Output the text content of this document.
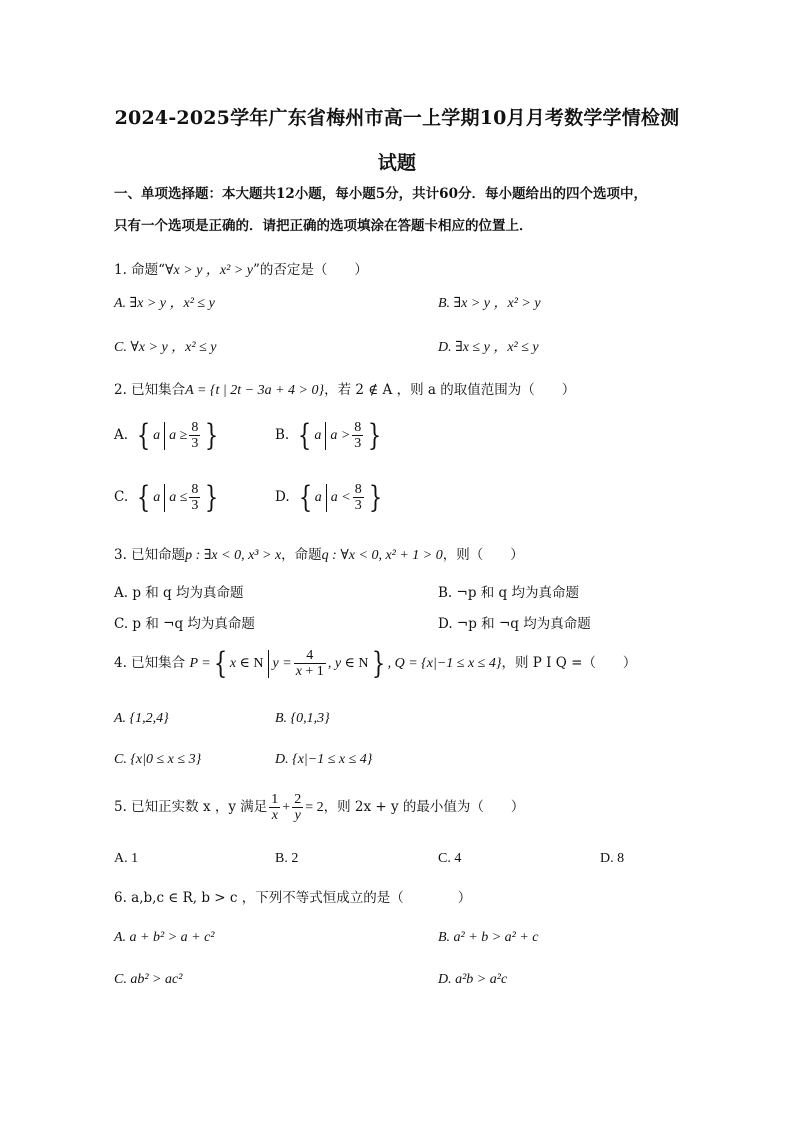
2024-2025学年广东省梅州市高一上学期10月月考数学学情检测
试题
一、单项选择题：本大题共12小题，每小题5分，共计60分．每小题给出的四个选项中，
只有一个选项是正确的．请把正确的选项填涂在答题卡相应的位置上．
1. 命题“∀x > y ，x² > y”的否定是（　　）
A. ∃x > y ，x² ≤ y	B. ∃x > y ，x² > y
C. ∀x > y ，x² ≤ y	D. ∃x ≤ y ，x² ≤ y
2. 已知集合A = {t | 2t − 3a + 4 > 0}，若 2 ∉ A ，则 a 的取值范围为（　　）
A. { a $a \ge \frac{8}{3}$ }	B. { a $a > \frac{8}{3}$ }
C. { a $a \le \frac{8}{3}$ }	D. { a $a < \frac{8}{3}$ }
3. 已知命题p : ∃x < 0, x³ > x，命题q : ∀x < 0, x² + 1 > 0，则（　　）
A. p 和 q 均为真命题	B. ¬p 和 q 均为真命题
C. p 和 ¬q 均为真命题	D. ¬p 和 ¬q 均为真命题
4. 已知集合 P ={ x ∈ N $y = \frac{4}{x + 1}$ , y ∈ N} , Q = {x|−1 ≤ x ≤ 4}，则 P I Q =（　　）
A. {1,2,4}	B. {0,1,3}
C. {x|0 ≤ x ≤ 3}	D. {x|−1 ≤ x ≤ 4}
5. 已知正实数 x ，y 满足 $\frac{1}{x} + \frac{2}{y} = 2$，则 2x + y 的最小值为（　　）
A. 1	B. 2	C. 4	D. 8
6. a,b,c ∈ R, b > c ，下列不等式恒成立的是（　　　　）
A. a + b² > a + c²	B. a² + b > a² + c
C. ab² > ac²	D. a²b > a²c
